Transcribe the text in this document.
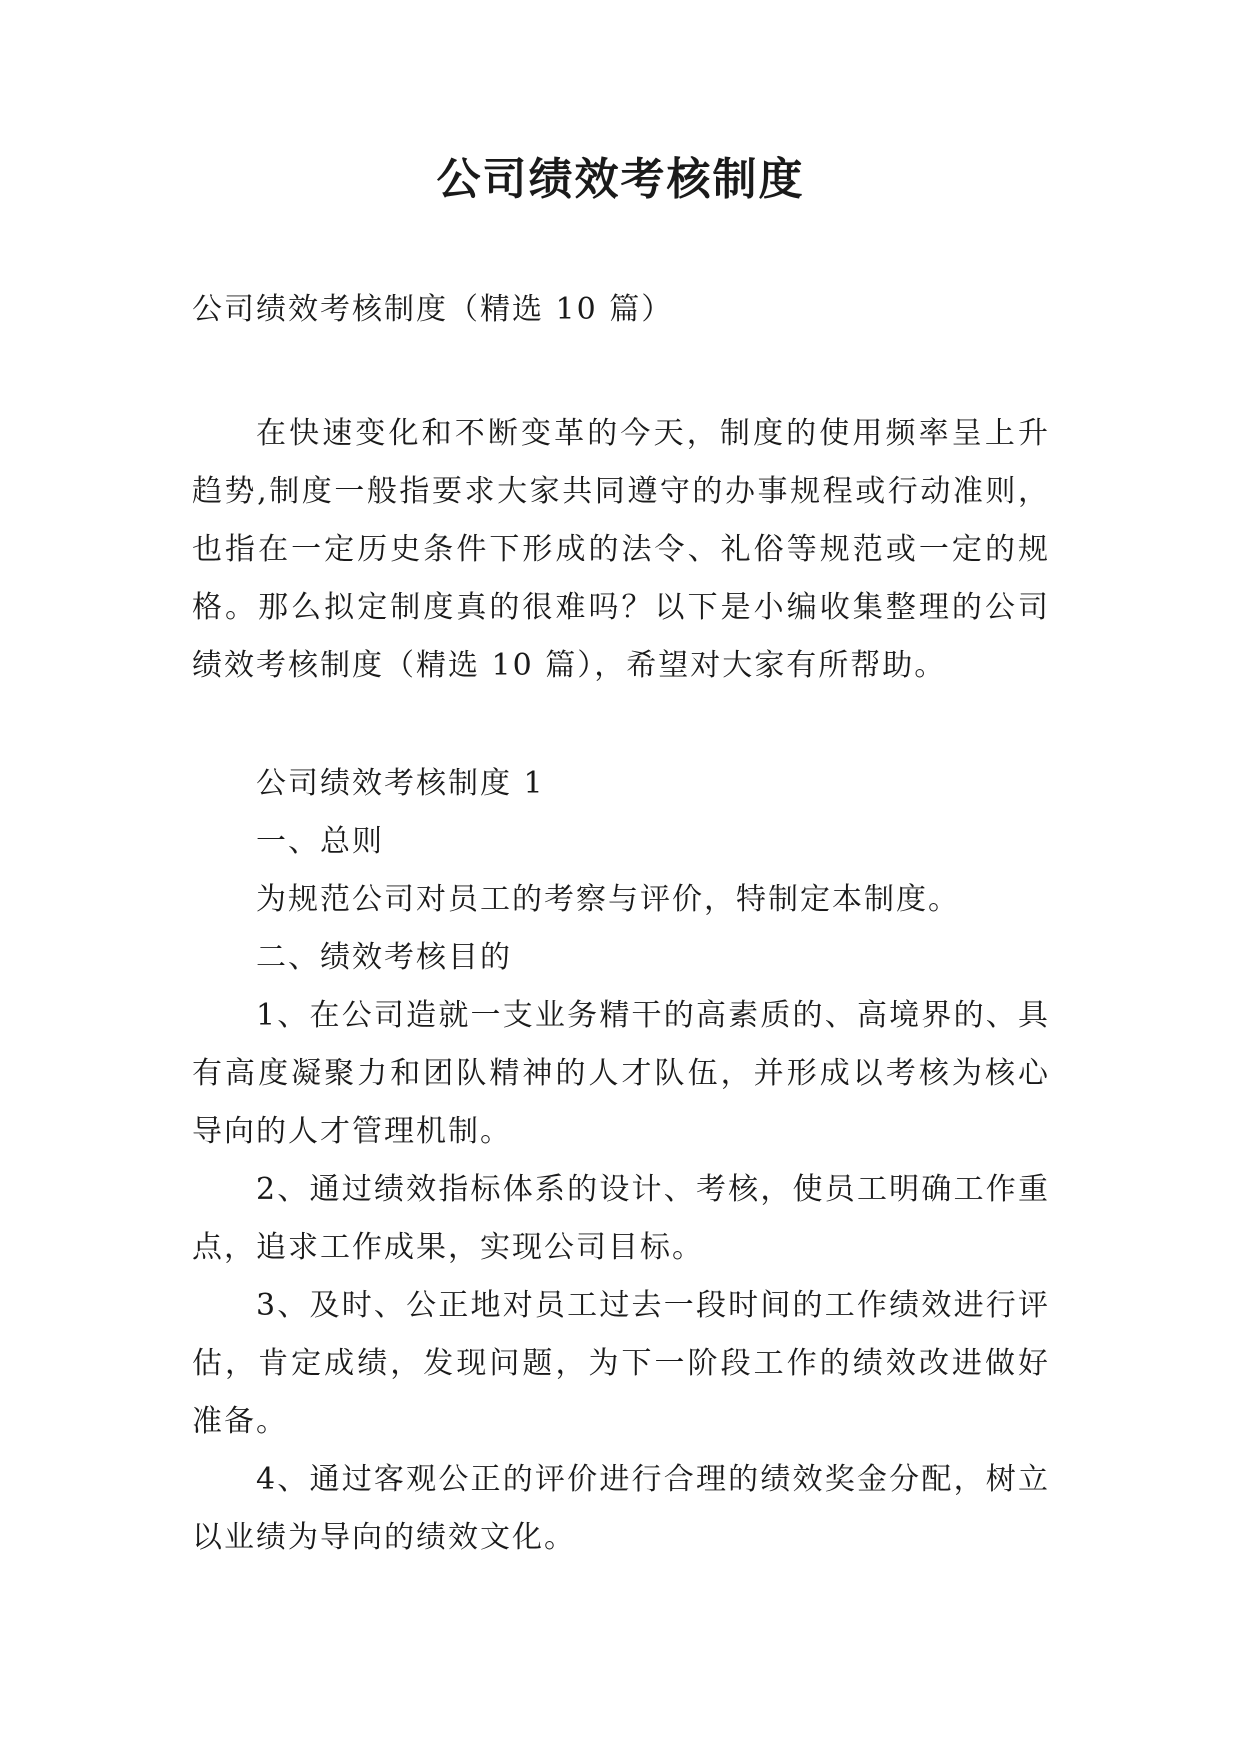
公司绩效考核制度

公司绩效考核制度（精选 10 篇）

在快速变化和不断变革的今天，制度的使用频率呈上升趋势,制度一般指要求大家共同遵守的办事规程或行动准则，也指在一定历史条件下形成的法令、礼俗等规范或一定的规格。那么拟定制度真的很难吗？以下是小编收集整理的公司绩效考核制度（精选 10 篇），希望对大家有所帮助。

公司绩效考核制度 1

一、总则

为规范公司对员工的考察与评价，特制定本制度。

二、绩效考核目的

1、在公司造就一支业务精干的高素质的、高境界的、具有高度凝聚力和团队精神的人才队伍，并形成以考核为核心导向的人才管理机制。

2、通过绩效指标体系的设计、考核，使员工明确工作重点，追求工作成果，实现公司目标。

3、及时、公正地对员工过去一段时间的工作绩效进行评估，肯定成绩，发现问题，为下一阶段工作的绩效改进做好准备。

4、通过客观公正的评价进行合理的绩效奖金分配，树立以业绩为导向的绩效文化。
